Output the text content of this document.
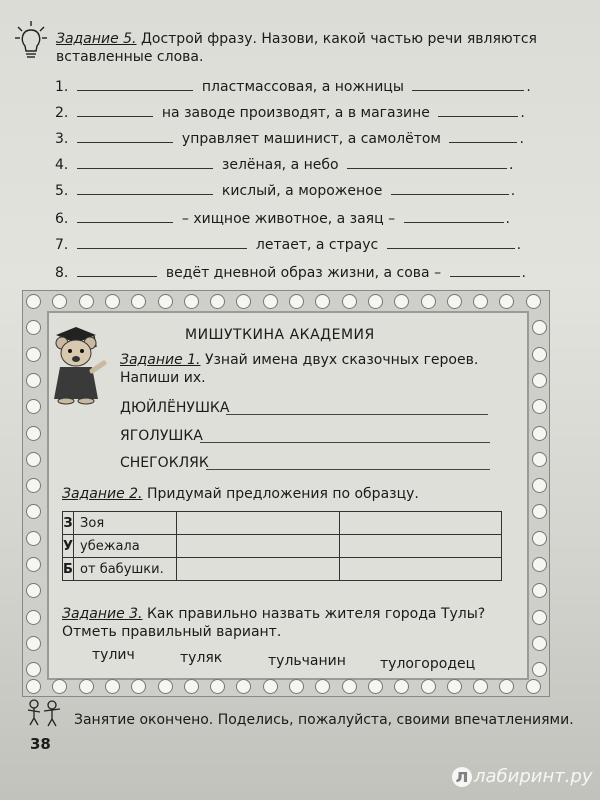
Задание 5. Дострой фразу. Назови, какой частью речи являются вставленные слова.
1.	пластмассовая, а ножницы	.
2.	на заводе производят, а в магазине	.
3.	управляет машинист, а самолётом	.
4.	зелёная, а небо	.
5.	кислый, а мороженое	.
6.	– хищное животное, а заяц –	.
7.	летает, а страус	.
8.	ведёт дневной образ жизни, а сова –	.
МИШУТКИНА АКАДЕМИЯ
Задание 1. Узнай имена двух сказочных героев. Напиши их.
ДЮЙЛЁНУШКА
ЯГОЛУШКА
СНЕГОКЛЯК
Задание 2. Придумай предложения по образцу.
З	Зоя		
У	убежала		
Б	от бабушки.		
Задание 3. Как правильно назвать жителя города Тулы? Отметь правильный вариант.
тулич	туляк	тульчанин тулогородец
Занятие окончено. Поделись, пожалуйста, своими впечатлениями.
38
л лабиринт.ру
